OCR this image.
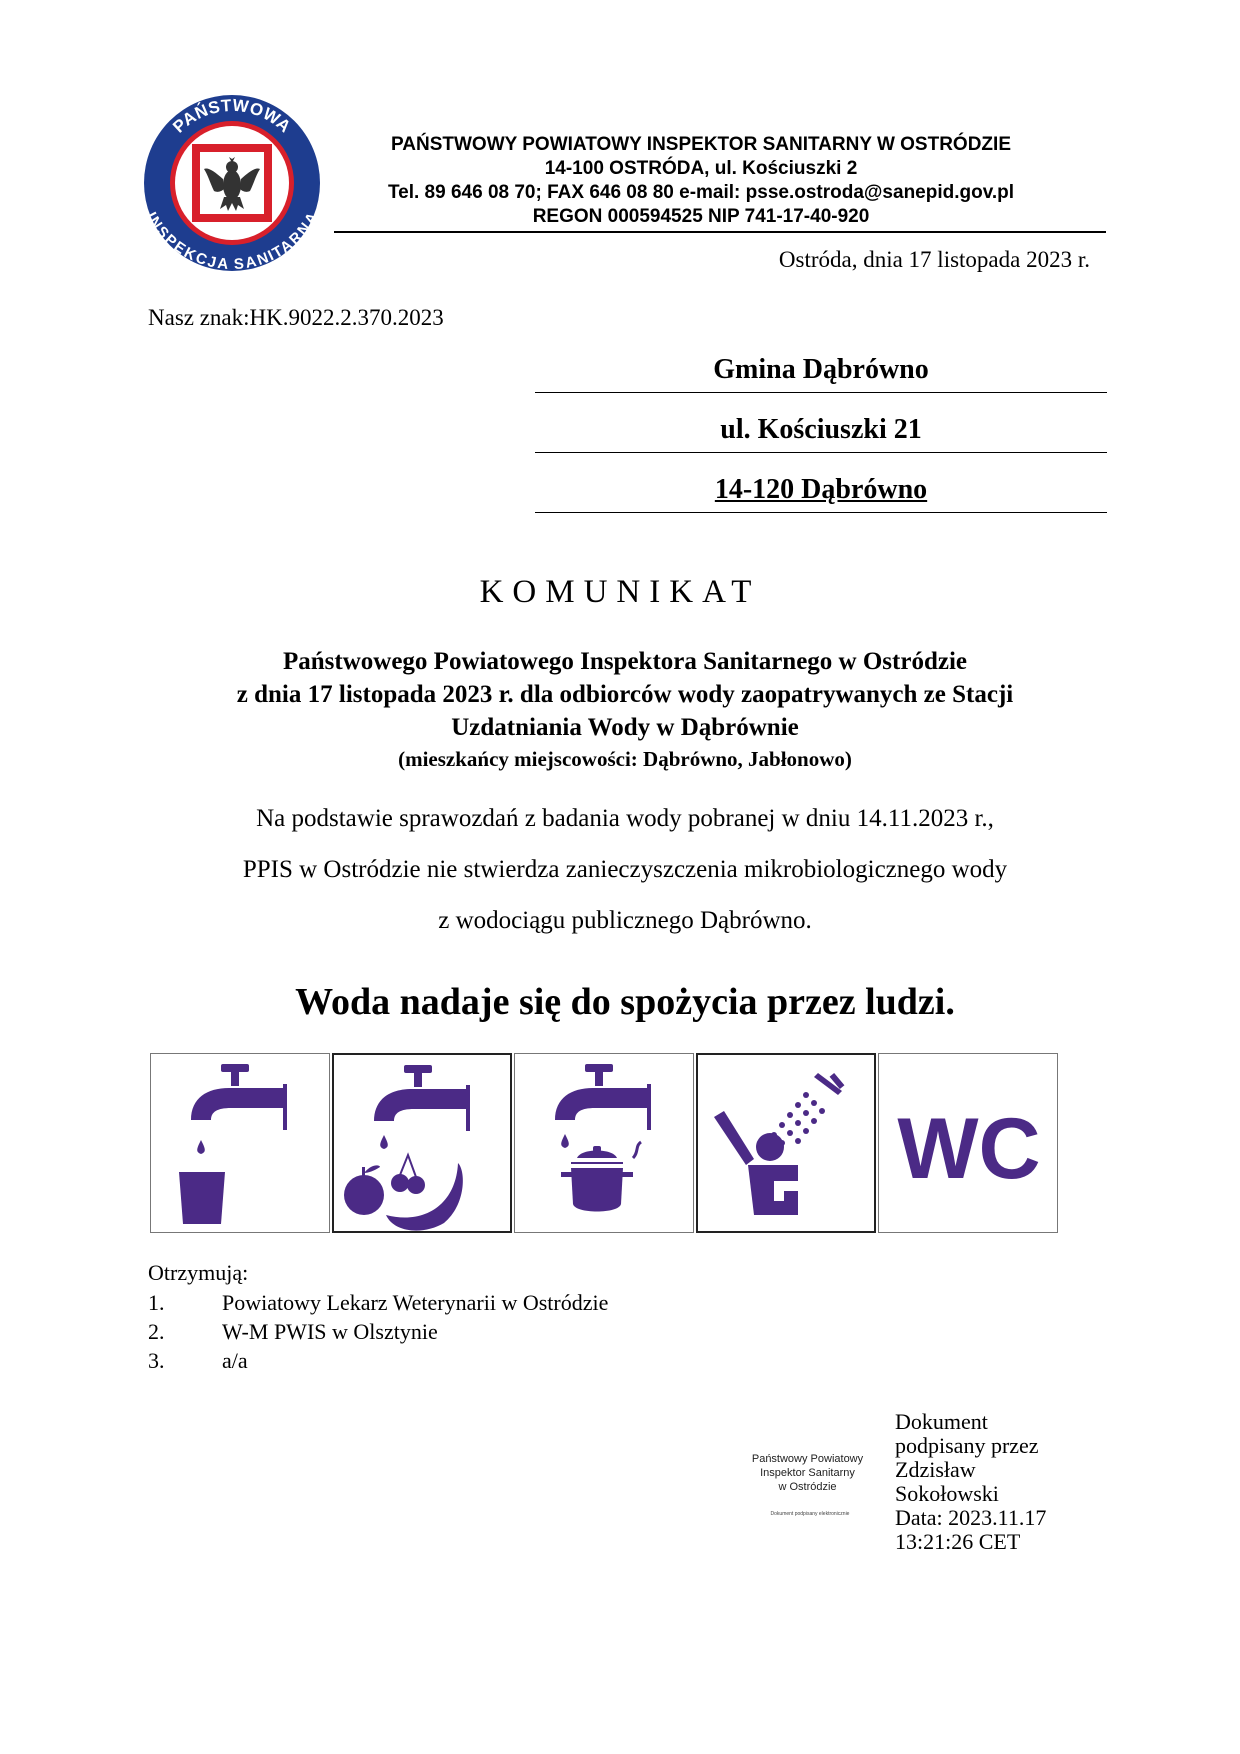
PAŃSTWOWA
PAŃSTWOWA
INSPEKCJA SANITARNA
PAŃSTWOWY POWIATOWY INSPEKTOR SANITARNY W OSTRÓDZIE
14-100 OSTRÓDA, ul. Kościuszki 2
Tel. 89 646 08 70; FAX 646 08 80 e-mail: psse.ostroda@sanepid.gov.pl
REGON 000594525 NIP 741-17-40-920
Ostróda, dnia 17 listopada 2023 r.
Nasz znak:HK.9022.2.370.2023
Gmina Dąbrówno
ul. Kościuszki 21
14-120 Dąbrówno
KOMUNIKAT
Państwowego Powiatowego Inspektora Sanitarnego w Ostródzie
z dnia 17 listopada 2023 r. dla odbiorców wody zaopatrywanych ze Stacji
Uzdatniania Wody w Dąbrównie
(mieszkańcy miejscowości: Dąbrówno, Jabłonowo)
Na podstawie sprawozdań z badania wody pobranej w dniu 14.11.2023 r.,
PPIS w Ostródzie nie stwierdza zanieczyszczenia mikrobiologicznego wody
z wodociągu publicznego Dąbrówno.
Woda nadaje się do spożycia przez ludzi.
WC
Otrzymują:
1.	Powiatowy Lekarz Weterynarii w Ostródzie
2.	W-M PWIS w Olsztynie
3.	a/a
Państwowy Powiatowy
Inspektor Sanitarny
w Ostródzie
Dokument podpisany elektronicznie
Dokument
podpisany przez
Zdzisław
Sokołowski
Data: 2023.11.17
13:21:26 CET
